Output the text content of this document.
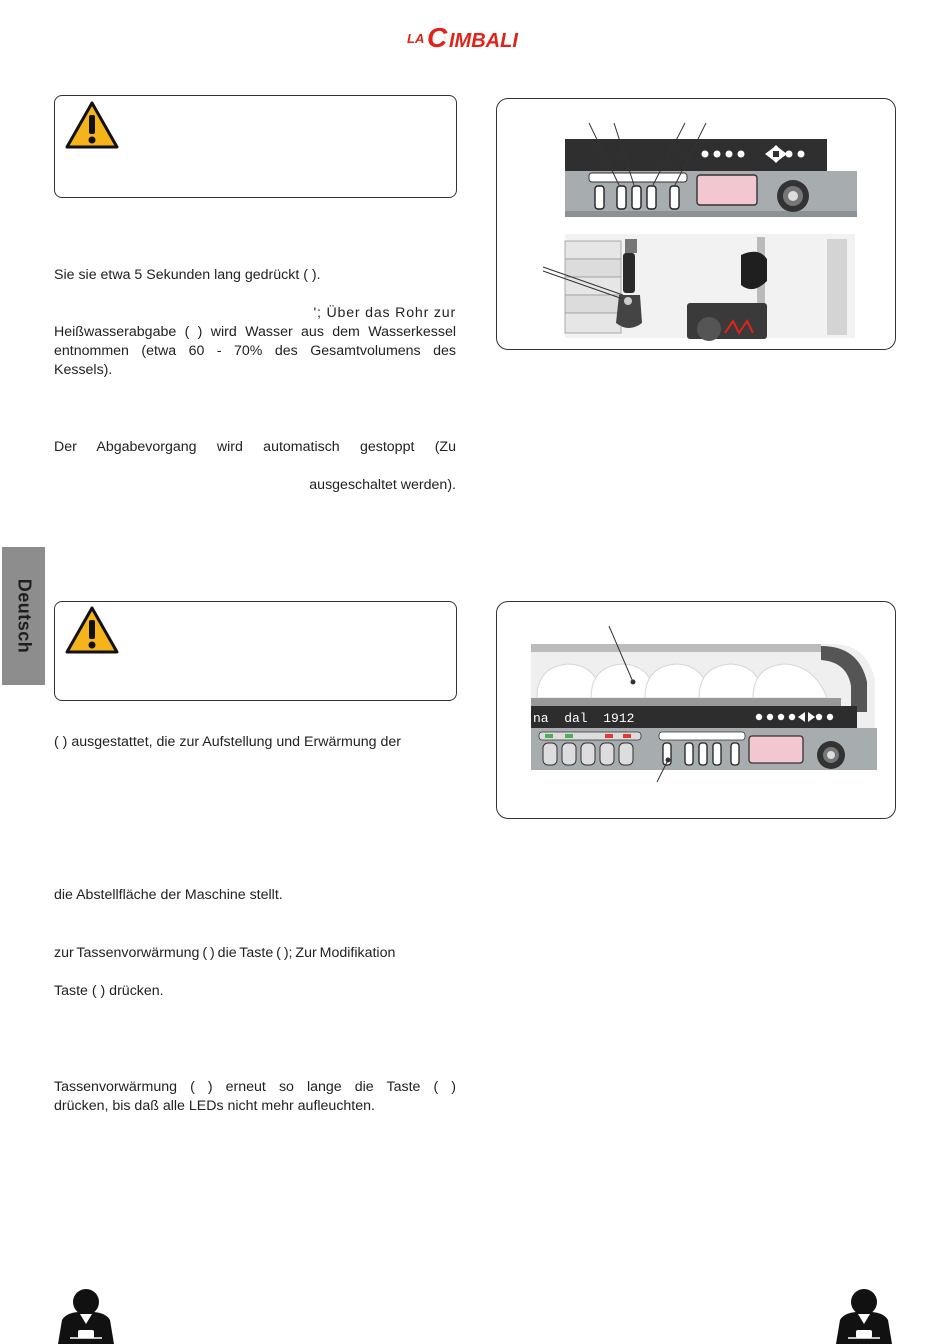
LA C IMBALI
Sie sie etwa 5 Sekunden lang gedrückt ( ).
'; Über das Rohr zur
Heißwasserabgabe ( ) wird Wasser aus dem Wasserkessel entnommen (etwa 60 - 70% des Gesamtvolumens des Kessels).
Der Abgabevorgang wird automatisch gestoppt (Zu
ausgeschaltet werden).
Deutsch
na  dal  1912
( ) ausgestattet, die zur Aufstellung und Erwärmung der
die Abstellfläche der Maschine stellt.
zur Tassenvorwärmung ( ) die Taste ( ); Zur Modifikation
Taste ( ) drücken.
Tassenvorwärmung ( ) erneut so lange die Taste ( )
drücken, bis daß alle LEDs nicht mehr aufleuchten.
